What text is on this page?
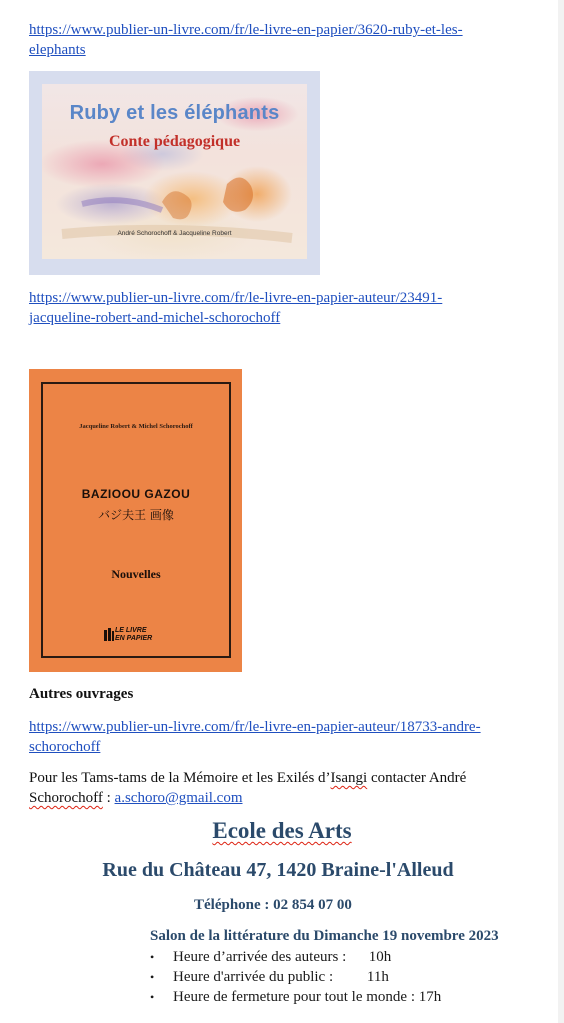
https://www.publier-un-livre.com/fr/le-livre-en-papier/3620-ruby-et-les-
elephants
Ruby et les éléphants
Conte pédagogique
André Schorochoff & Jacqueline Robert
https://www.publier-un-livre.com/fr/le-livre-en-papier-auteur/23491-
jacqueline-robert-and-michel-schorochoff
Jacqueline Robert & Michel Schorochoff
BAZIOOU GAZOU
バジ夫王 画像
Nouvelles
LE LIVRE
EN PAPIER
Autres ouvrages
https://www.publier-un-livre.com/fr/le-livre-en-papier-auteur/18733-andre-
schorochoff
Pour les Tams-tams de la Mémoire et les Exilés d’Isangi contacter André
Schorochoff : a.schoro@gmail.com
Ecole des Arts
Rue du Château 47, 1420 Braine-l'Alleud
Téléphone : 02 854 07 00
Salon de la littérature du Dimanche 19 novembre 2023
• Heure d’arrivée des auteurs :      10h
• Heure d'arrivée du public :         11h
• Heure de fermeture pour tout le monde : 17h
